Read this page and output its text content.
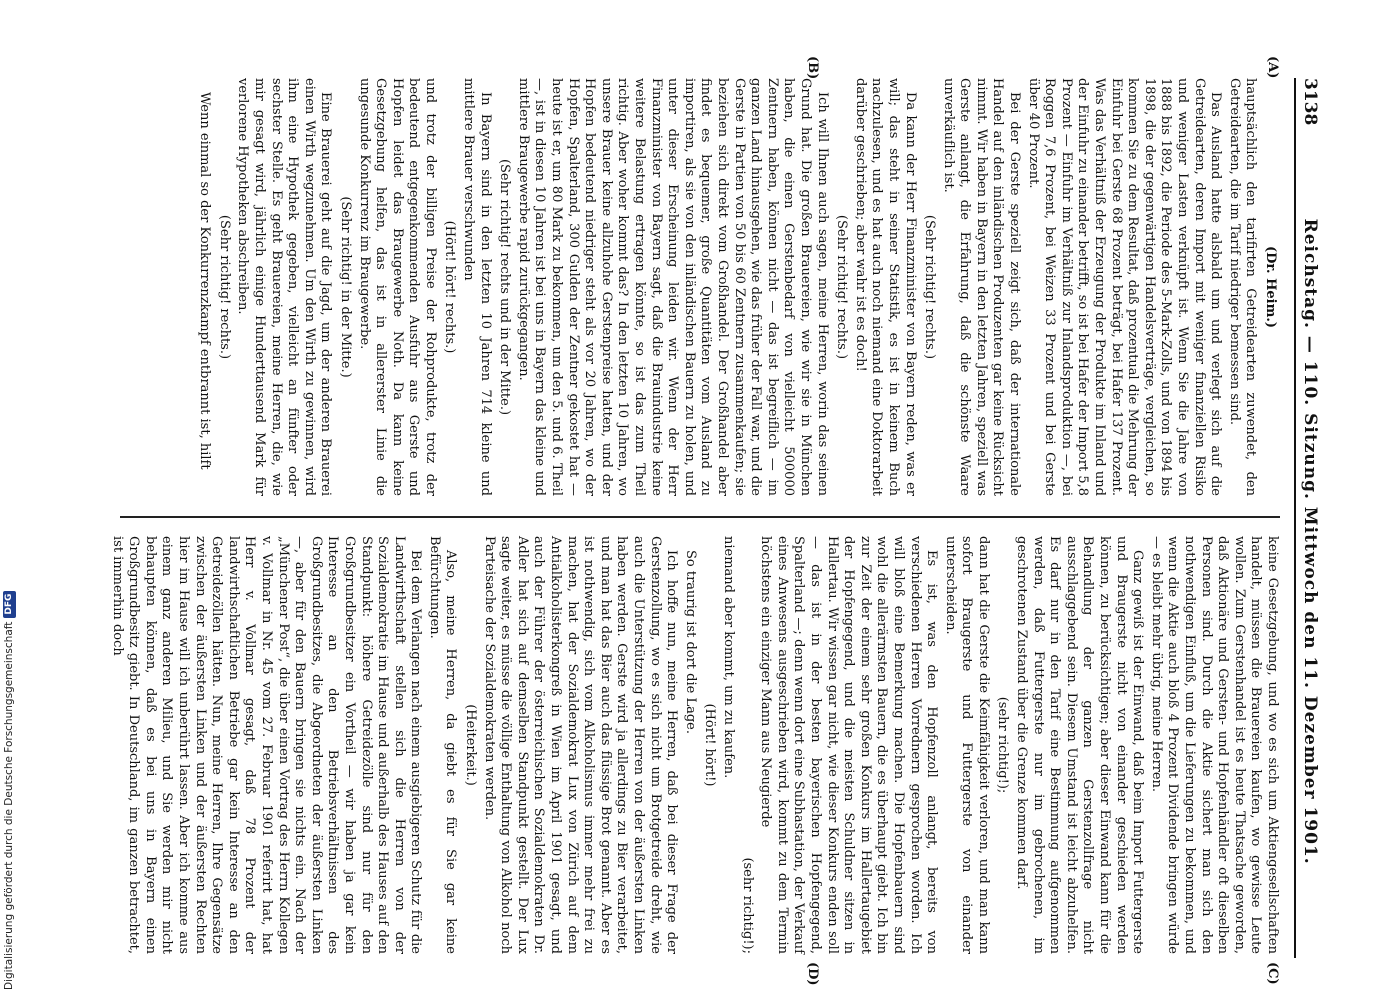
3138
Reichstag. — 110. Sitzung. Mittwoch den 11. Dezember 1901.
(A)
(B)
(C)
(D)

(Dr. Heim.)

hauptsächlich den tarifirten Getreidearten zuwendet, den Getreidearten, die im Tarif niedriger bemessen sind.

Das Ausland hatte alsbald um und verlegt sich auf die Getreidearten, deren Import mit weniger finanziellen Risiko und weniger Lasten verknüpft ist. Wenn Sie die Jahre von 1888 bis 1892, die Periode des 5-Mark-Zolls, und von 1894 bis 1898, die der gegenwärtigen Handelsverträge, vergleichen, so kommen Sie zu dem Resultat, daß prozentual die Mehrung der Einfuhr bei Gerste 68 Prozent beträgt, bei Hafer 137 Prozent. Was das Verhältniß der Erzeugung der Produkte im Inland und der Einfuhr zu einander betrifft, so ist bei Hafer der Import 5,8 Prozent — Einfuhr im Verhältniß zur Inlandsproduktion —, bei Roggen 7,6 Prozent, bei Weizen 33 Prozent und bei Gerste über 40 Prozent.

Bei der Gerste speziell zeigt sich, daß der internationale Handel auf den inländischen Produzenten gar keine Rücksicht nimmt. Wir haben in Bayern in den letzten Jahren, speziell was Gerste anlangt, die Erfahrung, daß die schönste Waare unverkäuflich ist.

(Sehr richtig! rechts.)

Da kann der Herr Finanzminister von Bayern reden, was er will; das steht in seiner Statistik, es ist in keinem Buch nachzulesen, und es hat auch noch niemand eine Doktorarbeit darüber geschrieben; aber wahr ist es doch!

(Sehr richtig! rechts.)

Ich will Ihnen auch sagen, meine Herren, worin das seinen Grund hat. Die großen Brauereien, wie wir sie in München haben, die einen Gerstenbedarf von vielleicht 500000 Zentnern haben, können nicht — das ist begreiflich — im ganzen Land hinausgehen, wie das früher der Fall war, und die Gerste in Partien von 50 bis 60 Zentnern zusammenkaufen; sie beziehen sich direkt vom Großhandel. Der Großhandel aber findet es bequemer, große Quantitäten vom Ausland zu importiren, als sie von den inländischen Bauern zu holen, und unter dieser Erscheinung leiden wir. Wenn der Herr Finanzminister von Bayern sagt, daß die Brauindustrie keine weitere Belastung ertragen könnte, so ist das zum Theil richtig. Aber woher kommt das? In den letzten 10 Jahren, wo unsere Brauer keine allzuhohe Gerstenpreise hatten, und der Hopfen bedeutend niedriger steht als vor 20 Jahren, wo der Hopfen, Spalterland, 300 Gulden der Zentner gekostet hat — heute ist er, um 80 Mark zu bekommen, um den 5. und 6. Theil —, ist in diesen 10 Jahren ist bei uns in Bayern das kleine und mittlere Braugewerbe rapid zurückgegangen.

(Sehr richtig! rechts und in der Mitte.)

In Bayern sind in den letzten 10 Jahren 714 kleine und mittlere Brauer verschwunden

(Hört! hört! rechts.)

und trotz der billigen Preise der Rohprodukte, trotz der bedeutend entgegenkommenden Ausfuhr aus Gerste und Hopfen leidet das Braugewerbe Noth. Da kann keine Gesetzgebung helfen, das ist in allererster Linie die ungesunde Konkurrenz im Braugewerbe.

(Sehr richtig! in der Mitte.)

Eine Brauerei geht auf die Jagd, um der anderen Brauerei einen Wirth wegzunehmen. Um den Wirth zu gewinnen, wird ihm eine Hypothek gegeben, vielleicht an fünfter oder sechster Stelle. Es geht Brauereien, meine Herren, die, wie mir gesagt wird, jährlich einige Hunderttausend Mark für verlorene Hypotheken abschreiben.

(Sehr richtig! rechts.)

Wenn einmal so der Konkurrenzkampf entbrannt ist, hilft

keine Gesetzgebung, und wo es sich um Aktiengesellschaften handelt, müssen die Brauereien kaufen, wo gewisse Leute wollen. Zum Gerstenhandel ist es heute Thatsache geworden, daß Aktionäre und Gersten- und Hopfenhändler oft dieselben Personen sind. Durch die Aktie sichert man sich den nothwendigen Einfluß, um die Lieferungen zu bekommen, und wenn die Aktie auch bloß 4 Prozent Dividende bringen würde — es bleibt mehr übrig, meine Herren.

Ganz gewiß ist der Einwand, daß beim Import Futtergerste und Braugerste nicht von einander geschieden werden können, zu berücksichtigen; aber dieser Einwand kann für die Behandlung der ganzen Gerstenzollfrage nicht ausschlaggebend sein. Diesem Umstand ist leicht abzuhelfen. Es darf nur in den Tarif eine Bestimmung aufgenommen werden, daß Futtergerste nur im gebrochenen, im geschrotenen Zustand über die Grenze kommen darf.

(sehr richtig!);

dann hat die Gerste die Keimfähigkeit verloren, und man kann sofort Braugerste und Futtergerste von einander unterscheiden.

Es ist, was den Hopfenzoll anlangt, bereits von verschiedenen Herren Vorrednern gesprochen worden. Ich will bloß eine Bemerkung machen. Die Hopfenbauern sind wohl die allerärmsten Bauern, die es überhaupt giebt. Ich bin zur Zeit der einem sehr großen Konkurs im Hallertaugebiet der Hopfengegend, und die meisten Schuldner sitzen in Hallertau. Wir wissen gar nicht, wie dieser Konkurs enden soll — das ist in der besten bayerischen Hopfengegend, Spalterland —; denn wenn dort eine Subhastation, der Verkauf eines Anwesens ausgeschrieben wird, kommt zu dem Termin höchstens ein einziger Mann aus Neugierde

(sehr richtig!);

niemand aber kommt, um zu kaufen.

(Hört! hört!)

So traurig ist dort die Lage.

Ich hoffe nun, meine Herren, daß bei dieser Frage der Gerstenzollung, wo es sich nicht um Brotgetreide dreht, wie auch die Unterstützung der Herren von der äußersten Linken haben werden. Gerste wird ja allerdings zu Bier verarbeitet, und man hat das Bier auch das flüssige Brot genannt. Aber es ist nothwendig, sich vom Alkoholismus immer mehr frei zu machen, hat der Sozialdemokrat Lux von Zürich auf dem Antialkoholisterkongreß in Wien im April 1901 gesagt, und auch der Führer der österreichischen Sozialdemokraten Dr. Adler hat sich auf demselben Standpunkt gestellt. Der Lux sagte weiter, es müsse die völlige Enthaltung von Alkohol noch Parteisache der Sozialdemokraten werden.

(Heiterkeit.)

Also, meine Herren, da giebt es für Sie gar keine Befürchtungen.

Bei dem Verlangen nach einem ausgiebigeren Schutz für die Landwirthschaft stellen sich die Herren von der Sozialdemokratie im Hause und außerhalb des Hauses auf den Standpunkt: höhere Getreidezölle sind nur für den Großgrundbesitzer ein Vortheil — wir haben ja gar kein Interesse an den Betriebsverhältnissen des Großgrundbesitzes, die Abgeordneten der äußersten Linken —, aber für den Bauern bringen sie nichts ein. Nach der „Münchener Post“, die über einen Vortrag des Herrn Kollegen v. Vollmar in Nr. 45 vom 27. Februar 1901 referirt hat, hat Herr v. Vollmar gesagt, daß 78 Prozent der landwirthschaftlichen Betriebe gar kein Interesse an den Getreidezöllen hätten. Nun, meine Herren, Ihre Gegensätze zwischen der äußersten Linken und der äußersten Rechten hier im Hause will ich unberührt lassen. Aber ich komme aus einem ganz anderen Milieu, und Sie werden mir nicht behaupten können, daß es bei uns in Bayern einen Großgrundbesitz giebt. In Deutschland, im ganzen betrachtet, ist immerhin doch

Digitalisierung gefördert durch die Deutsche Forschungsgemeinschaft
DFG
